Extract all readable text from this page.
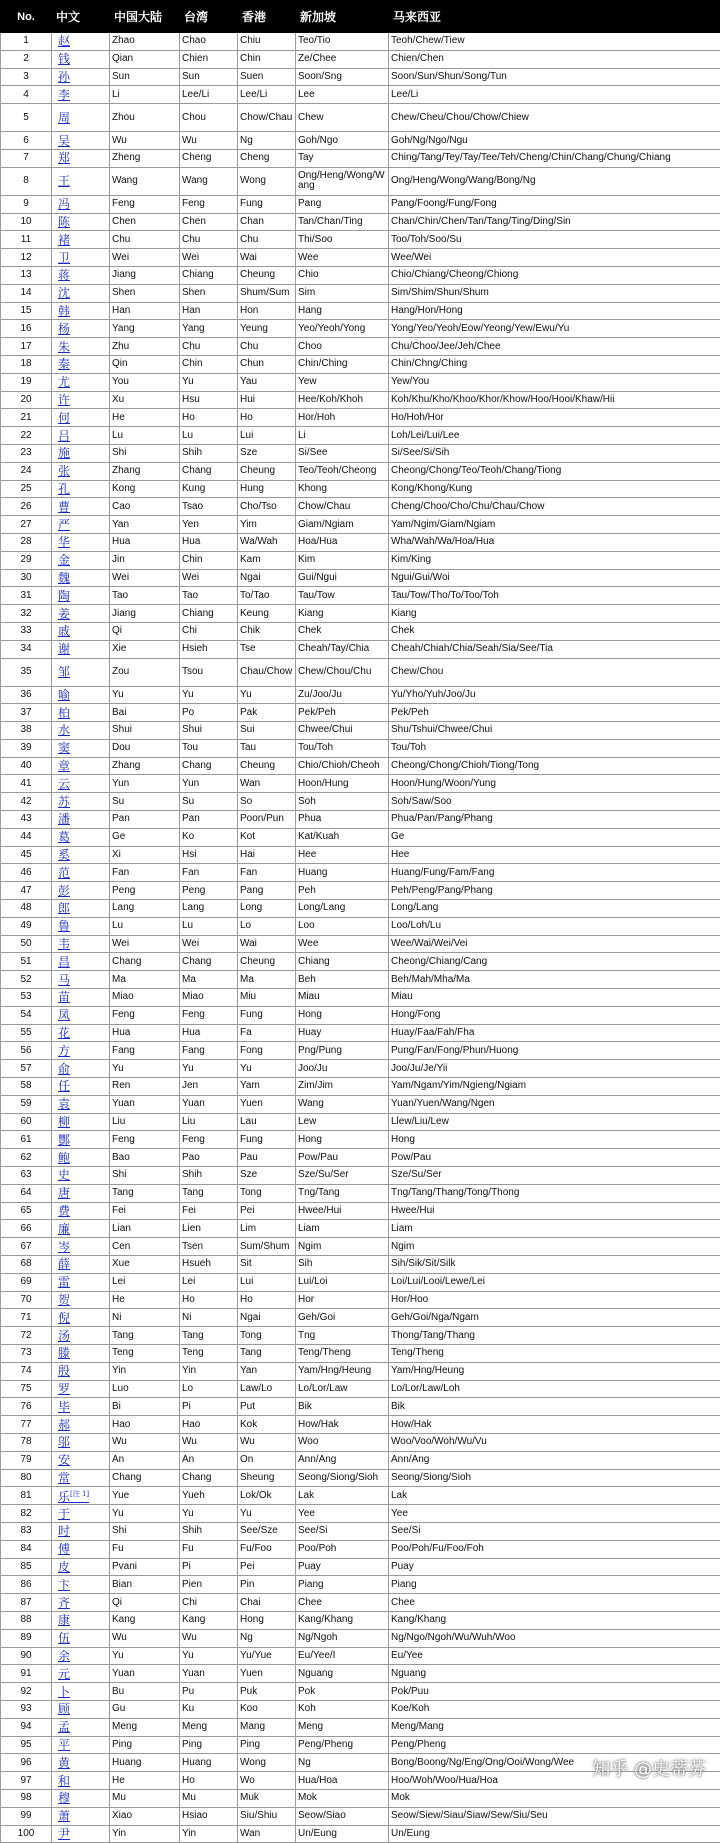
No.	中文	中国大陆	台湾	香港	新加坡	马来西亚
1	赵	Zhao	Chao	Chiu	Teo/Tio	Teoh/Chew/Tiew
2	钱	Qian	Chien	Chin	Ze/Chee	Chien/Chen
3	孙	Sun	Sun	Suen	Soon/Sng	Soon/Sun/Shun/Song/Tun
4	李	Li	Lee/Li	Lee/Li	Lee	Lee/Li
5	周	Zhou	Chou	Chow/Chau	Chew	Chew/Cheu/Chou/Chow/Chiew
6	吴	Wu	Wu	Ng	Goh/Ngo	Goh/Ng/Ngo/Ngu
7	郑	Zheng	Cheng	Cheng	Tay	Ching/Tang/Tey/Tay/Tee/Teh/Cheng/Chin/Chang/Chung/Chiang
8	王	Wang	Wang	Wong	Ong/Heng/Wong/Wang	Ong/Heng/Wong/Wang/Bong/Ng
9	冯	Feng	Feng	Fung	Pang	Pang/Foong/Fung/Fong
10	陈	Chen	Chen	Chan	Tan/Chan/Ting	Chan/Chin/Chen/Tan/Tang/Ting/Ding/Sin
11	褚	Chu	Chu	Chu	Thi/Soo	Too/Toh/Soo/Su
12	卫	Wei	Wei	Wai	Wee	Wee/Wei
13	蒋	Jiang	Chiang	Cheung	Chio	Chio/Chiang/Cheong/Chiong
14	沈	Shen	Shen	Shum/Sum	Sim	Sim/Shim/Shun/Shum
15	韩	Han	Han	Hon	Hang	Hang/Hon/Hong
16	杨	Yang	Yang	Yeung	Yeo/Yeoh/Yong	Yong/Yeo/Yeoh/Eow/Yeong/Yew/Ewu/Yu
17	朱	Zhu	Chu	Chu	Choo	Chu/Choo/Jee/Jeh/Chee
18	秦	Qin	Chin	Chun	Chin/Ching	Chin/Chng/Ching
19	尤	You	Yu	Yau	Yew	Yew/You
20	许	Xu	Hsu	Hui	Hee/Koh/Khoh	Koh/Khu/Kho/Khoo/Khor/Khow/Hoo/Hooi/Khaw/Hii
21	何	He	Ho	Ho	Hor/Hoh	Ho/Hoh/Hor
22	吕	Lu	Lu	Lui	Li	Loh/Lei/Lui/Lee
23	施	Shi	Shih	Sze	Si/See	Si/See/Si/Sih
24	张	Zhang	Chang	Cheung	Teo/Teoh/Cheong	Cheong/Chong/Teo/Teoh/Chang/Tiong
25	孔	Kong	Kung	Hung	Khong	Kong/Khong/Kung
26	曹	Cao	Tsao	Cho/Tso	Chow/Chau	Cheng/Choo/Cho/Chu/Chau/Chow
27	严	Yan	Yen	Yim	Giam/Ngiam	Yam/Ngim/Giam/Ngiam
28	华	Hua	Hua	Wa/Wah	Hoa/Hua	Wha/Wah/Wa/Hoa/Hua
29	金	Jin	Chin	Kam	Kim	Kim/King
30	魏	Wei	Wei	Ngai	Gui/Ngui	Ngui/Gui/Woi
31	陶	Tao	Tao	To/Tao	Tau/Tow	Tau/Tow/Tho/To/Too/Toh
32	姜	Jiang	Chiang	Keung	Kiang	Kiang
33	戚	Qi	Chi	Chik	Chek	Chek
34	谢	Xie	Hsieh	Tse	Cheah/Tay/Chia	Cheah/Chiah/Chia/Seah/Sia/See/Tia
35	邹	Zou	Tsou	Chau/Chow	Chew/Chou/Chu	Chew/Chou
36	喻	Yu	Yu	Yu	Zu/Joo/Ju	Yu/Yho/Yuh/Joo/Ju
37	柏	Bai	Po	Pak	Pek/Peh	Pek/Peh
38	水	Shui	Shui	Sui	Chwee/Chui	Shu/Tshui/Chwee/Chui
39	窦	Dou	Tou	Tau	Tou/Toh	Tou/Toh
40	章	Zhang	Chang	Cheung	Chio/Chioh/Cheoh	Cheong/Chong/Chioh/Tiong/Tong
41	云	Yun	Yun	Wan	Hoon/Hung	Hoon/Hung/Woon/Yung
42	苏	Su	Su	So	Soh	Soh/Saw/Soo
43	潘	Pan	Pan	Poon/Pun	Phua	Phua/Pan/Pang/Phang
44	葛	Ge	Ko	Kot	Kat/Kuah	Ge
45	奚	Xi	Hsi	Hai	Hee	Hee
46	范	Fan	Fan	Fan	Huang	Huang/Fung/Fam/Fang
47	彭	Peng	Peng	Pang	Peh	Peh/Peng/Pang/Phang
48	郎	Lang	Lang	Long	Long/Lang	Long/Lang
49	鲁	Lu	Lu	Lo	Loo	Loo/Loh/Lu
50	韦	Wei	Wei	Wai	Wee	Wee/Wai/Wei/Vei
51	昌	Chang	Chang	Cheung	Chiang	Cheong/Chiang/Cang
52	马	Ma	Ma	Ma	Beh	Beh/Mah/Mha/Ma
53	苗	Miao	Miao	Miu	Miau	Miau
54	凤	Feng	Feng	Fung	Hong	Hong/Fong
55	花	Hua	Hua	Fa	Huay	Huay/Faa/Fah/Fha
56	方	Fang	Fang	Fong	Png/Pung	Pung/Fan/Fong/Phun/Huong
57	俞	Yu	Yu	Yu	Joo/Ju	Joo/Ju/Je/Yii
58	任	Ren	Jen	Yam	Zim/Jim	Yam/Ngam/Yim/Ngieng/Ngiam
59	袁	Yuan	Yuan	Yuen	Wang	Yuan/Yuen/Wang/Ngen
60	柳	Liu	Liu	Lau	Lew	Llew/Liu/Lew
61	酆	Feng	Feng	Fung	Hong	Hong
62	鲍	Bao	Pao	Pau	Pow/Pau	Pow/Pau
63	史	Shi	Shih	Sze	Sze/Su/Ser	Sze/Su/Ser
64	唐	Tang	Tang	Tong	Tng/Tang	Tng/Tang/Thang/Tong/Thong
65	费	Fei	Fei	Pei	Hwee/Hui	Hwee/Hui
66	廉	Lian	Lien	Lim	Liam	Liam
67	岑	Cen	Tsen	Sum/Shum	Ngim	Ngim
68	薛	Xue	Hsueh	Sit	Sih	Sih/Sik/Sit/Silk
69	雷	Lei	Lei	Lui	Lui/Loi	Loi/Lui/Looi/Lewe/Lei
70	贺	He	Ho	Ho	Hor	Hor/Hoo
71	倪	Ni	Ni	Ngai	Geh/Goi	Geh/Goi/Nga/Ngam
72	汤	Tang	Tang	Tong	Tng	Thong/Tang/Thang
73	滕	Teng	Teng	Tang	Teng/Theng	Teng/Theng
74	殷	Yin	Yin	Yan	Yam/Hng/Heung	Yam/Hng/Heung
75	罗	Luo	Lo	Law/Lo	Lo/Lor/Law	Lo/Lor/Law/Loh
76	毕	Bi	Pi	Put	Bik	Bik
77	郝	Hao	Hao	Kok	How/Hak	How/Hak
78	邬	Wu	Wu	Wu	Woo	Woo/Voo/Woh/Wu/Vu
79	安	An	An	On	Ann/Ang	Ann/Ang
80	常	Chang	Chang	Sheung	Seong/Siong/Sioh	Seong/Siong/Sioh
81	乐[注 1]	Yue	Yueh	Lok/Ok	Lak	Lak
82	于	Yu	Yu	Yu	Yee	Yee
83	时	Shi	Shih	See/Sze	See/Si	See/Si
84	傅	Fu	Fu	Fu/Foo	Poo/Poh	Poo/Poh/Fu/Foo/Foh
85	皮	Pvani	Pi	Pei	Puay	Puay
86	卞	Bian	Pien	Pin	Piang	Piang
87	齐	Qi	Chi	Chai	Chee	Chee
88	康	Kang	Kang	Hong	Kang/Khang	Kang/Khang
89	伍	Wu	Wu	Ng	Ng/Ngoh	Ng/Ngo/Ngoh/Wu/Wuh/Woo
90	余	Yu	Yu	Yu/Yue	Eu/Yee/I	Eu/Yee
91	元	Yuan	Yuan	Yuen	Nguang	Nguang
92	卜	Bu	Pu	Puk	Pok	Pok/Puu
93	顾	Gu	Ku	Koo	Koh	Koe/Koh
94	孟	Meng	Meng	Mang	Meng	Meng/Mang
95	平	Ping	Ping	Ping	Peng/Pheng	Peng/Pheng
96	黄	Huang	Huang	Wong	Ng	Bong/Boong/Ng/Eng/Ong/Ooi/Wong/Wee
97	和	He	Ho	Wo	Hua/Hoa	Hoo/Woh/Woo/Hua/Hoa
98	穆	Mu	Mu	Muk	Mok	Mok
99	萧	Xiao	Hsiao	Siu/Shiu	Seow/Siao	Seow/Siew/Siau/Siaw/Sew/Siu/Seu
100	尹	Yin	Yin	Wan	Un/Eung	Un/Eung
知乎 @史蒂芬
